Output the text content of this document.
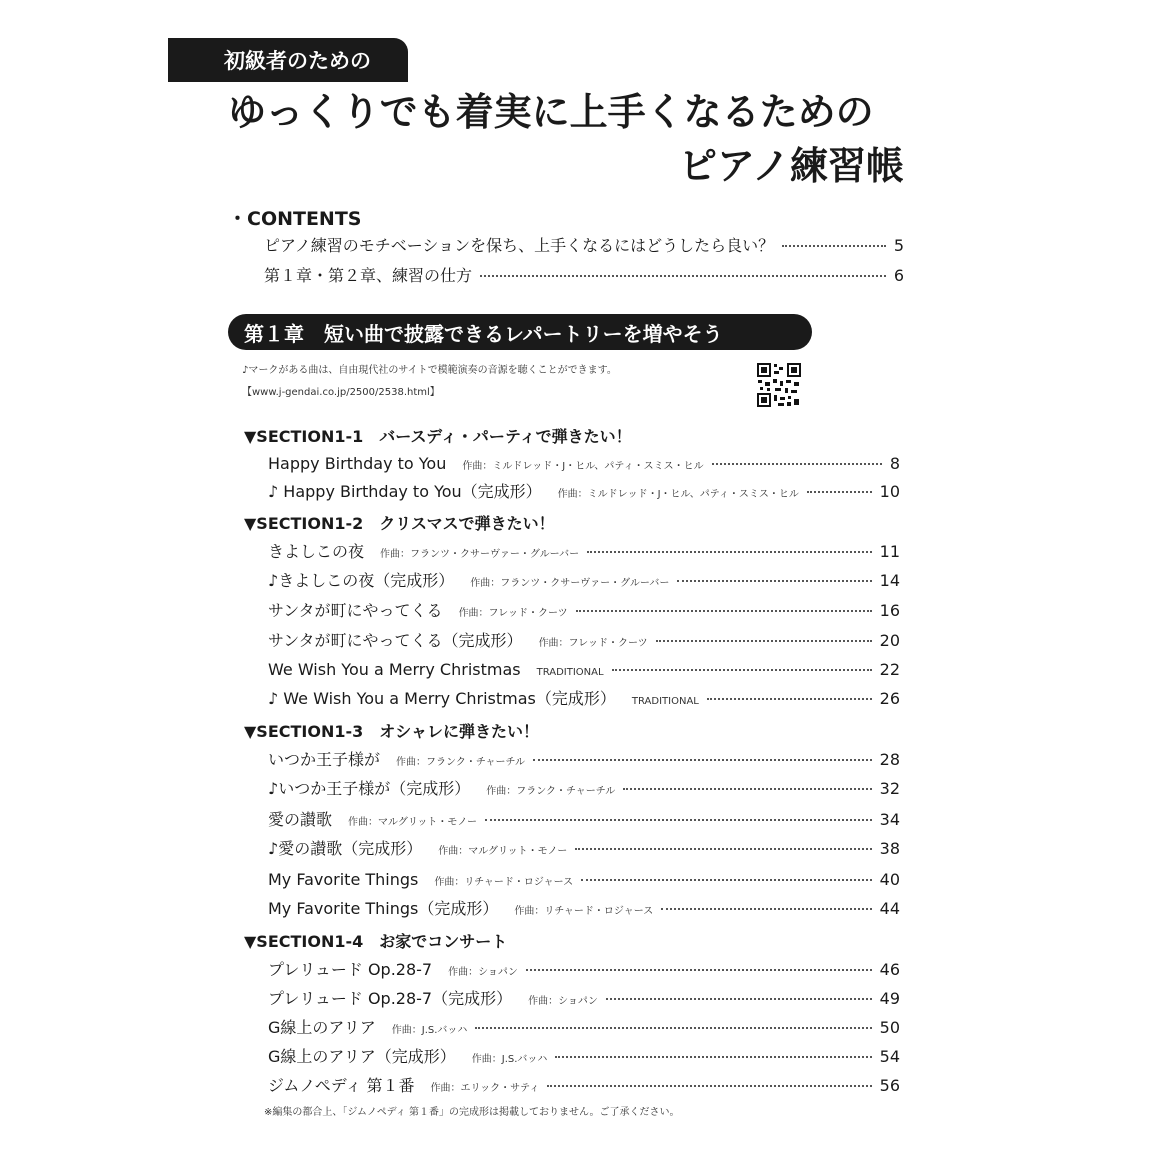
初級者のための
ゆっくりでも着実に上手くなるための
ピアノ練習帳
・CONTENTS
ピアノ練習のモチベーションを保ち、上手くなるにはどうしたら良い？	5
第１章・第２章、練習の仕方	6
第１章　短い曲で披露できるレパートリーを増やそう
♪マークがある曲は、自由現代社のサイトで模範演奏の音源を聴くことができます。
【www.j-gendai.co.jp/2500/2538.html】
▼SECTION1-1　バースディ・パーティで弾きたい！
Happy Birthday to You 作曲：ミルドレッド・J・ヒル、パティ・スミス・ヒル	8
♪ Happy Birthday to You（完成形） 作曲：ミルドレッド・J・ヒル、パティ・スミス・ヒル	10
▼SECTION1-2　クリスマスで弾きたい！
きよしこの夜 作曲：フランツ・クサーヴァー・グルーバー	11
♪きよしこの夜（完成形） 作曲：フランツ・クサーヴァー・グルーバー	14
サンタが町にやってくる 作曲：フレッド・クーツ	16
サンタが町にやってくる（完成形） 作曲：フレッド・クーツ	20
We Wish You a Merry Christmas TRADITIONAL	22
♪ We Wish You a Merry Christmas（完成形） TRADITIONAL	26
▼SECTION1-3　オシャレに弾きたい！
いつか王子様が 作曲：フランク・チャーチル	28
♪いつか王子様が（完成形） 作曲：フランク・チャーチル	32
愛の讃歌 作曲：マルグリット・モノー	34
♪愛の讃歌（完成形） 作曲：マルグリット・モノー	38
My Favorite Things 作曲：リチャード・ロジャース	40
My Favorite Things（完成形） 作曲：リチャード・ロジャース	44
▼SECTION1-4　お家でコンサート
プレリュード Op.28-7 作曲：ショパン	46
プレリュード Op.28-7（完成形） 作曲：ショパン	49
G線上のアリア 作曲：J.S.バッハ	50
G線上のアリア（完成形） 作曲：J.S.バッハ	54
ジムノペディ 第１番 作曲：エリック・サティ	56
※編集の都合上、「ジムノペディ 第１番」の完成形は掲載しておりません。ご了承ください。
